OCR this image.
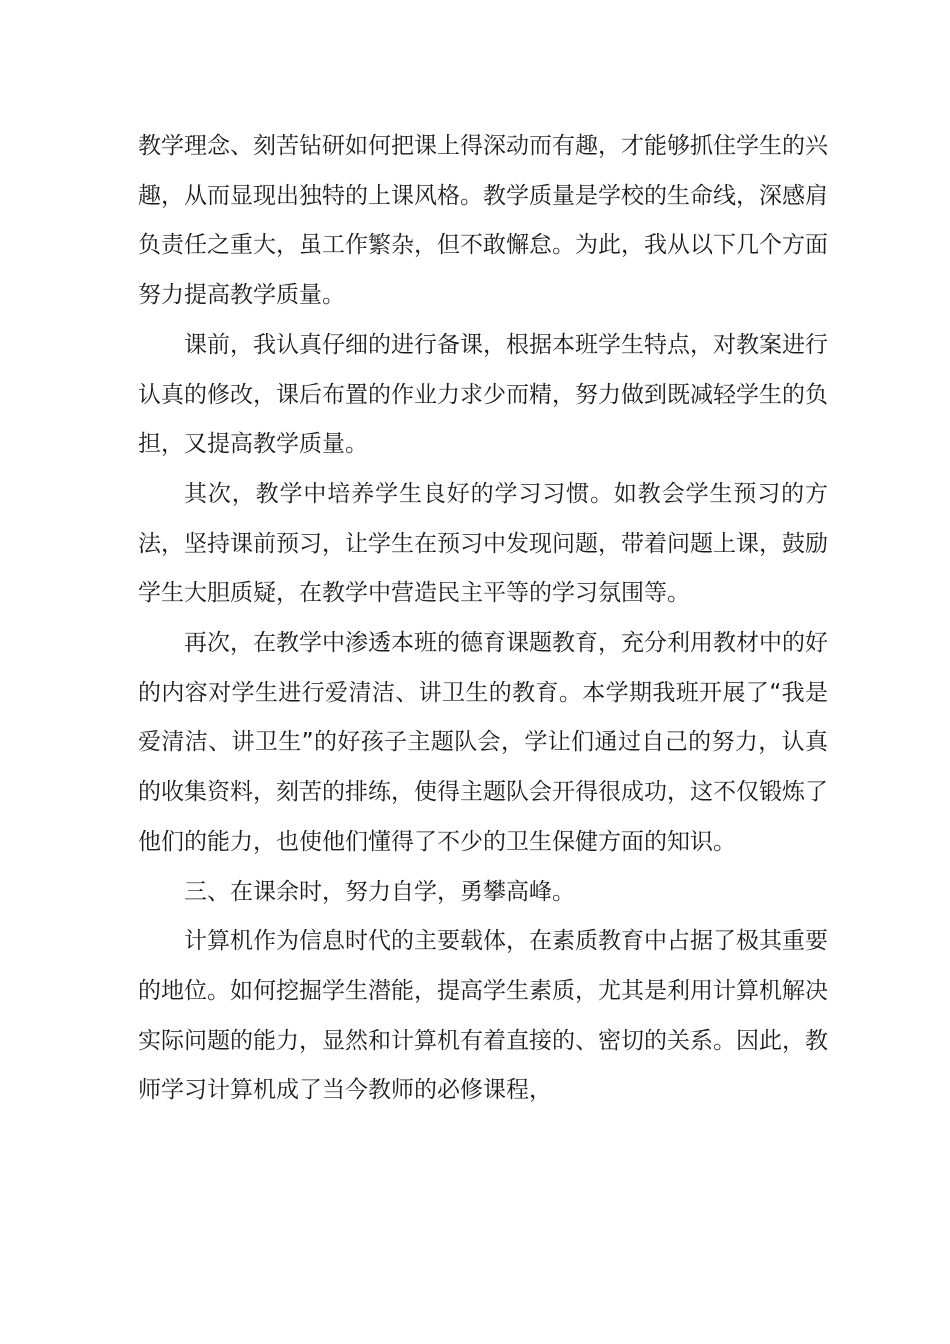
教学理念、刻苦钻研如何把课上得深动而有趣，才能够抓住学生的兴趣，从而显现出独特的上课风格。教学质量是学校的生命线，深感肩负责任之重大，虽工作繁杂，但不敢懈怠。为此，我从以下几个方面努力提高教学质量。

课前，我认真仔细的进行备课，根据本班学生特点，对教案进行认真的修改，课后布置的作业力求少而精，努力做到既减轻学生的负担，又提高教学质量。

其次，教学中培养学生良好的学习习惯。如教会学生预习的方法，坚持课前预习，让学生在预习中发现问题，带着问题上课，鼓励学生大胆质疑，在教学中营造民主平等的学习氛围等。

再次，在教学中渗透本班的德育课题教育，充分利用教材中的好的内容对学生进行爱清洁、讲卫生的教育。本学期我班开展了“我是爱清洁、讲卫生”的好孩子主题队会，学让们通过自己的努力，认真的收集资料，刻苦的排练，使得主题队会开得很成功，这不仅锻炼了他们的能力，也使他们懂得了不少的卫生保健方面的知识。

三、在课余时，努力自学，勇攀高峰。

计算机作为信息时代的主要载体，在素质教育中占据了极其重要的地位。如何挖掘学生潜能，提高学生素质，尤其是利用计算机解决实际问题的能力，显然和计算机有着直接的、密切的关系。因此，教师学习计算机成了当今教师的必修课程，
